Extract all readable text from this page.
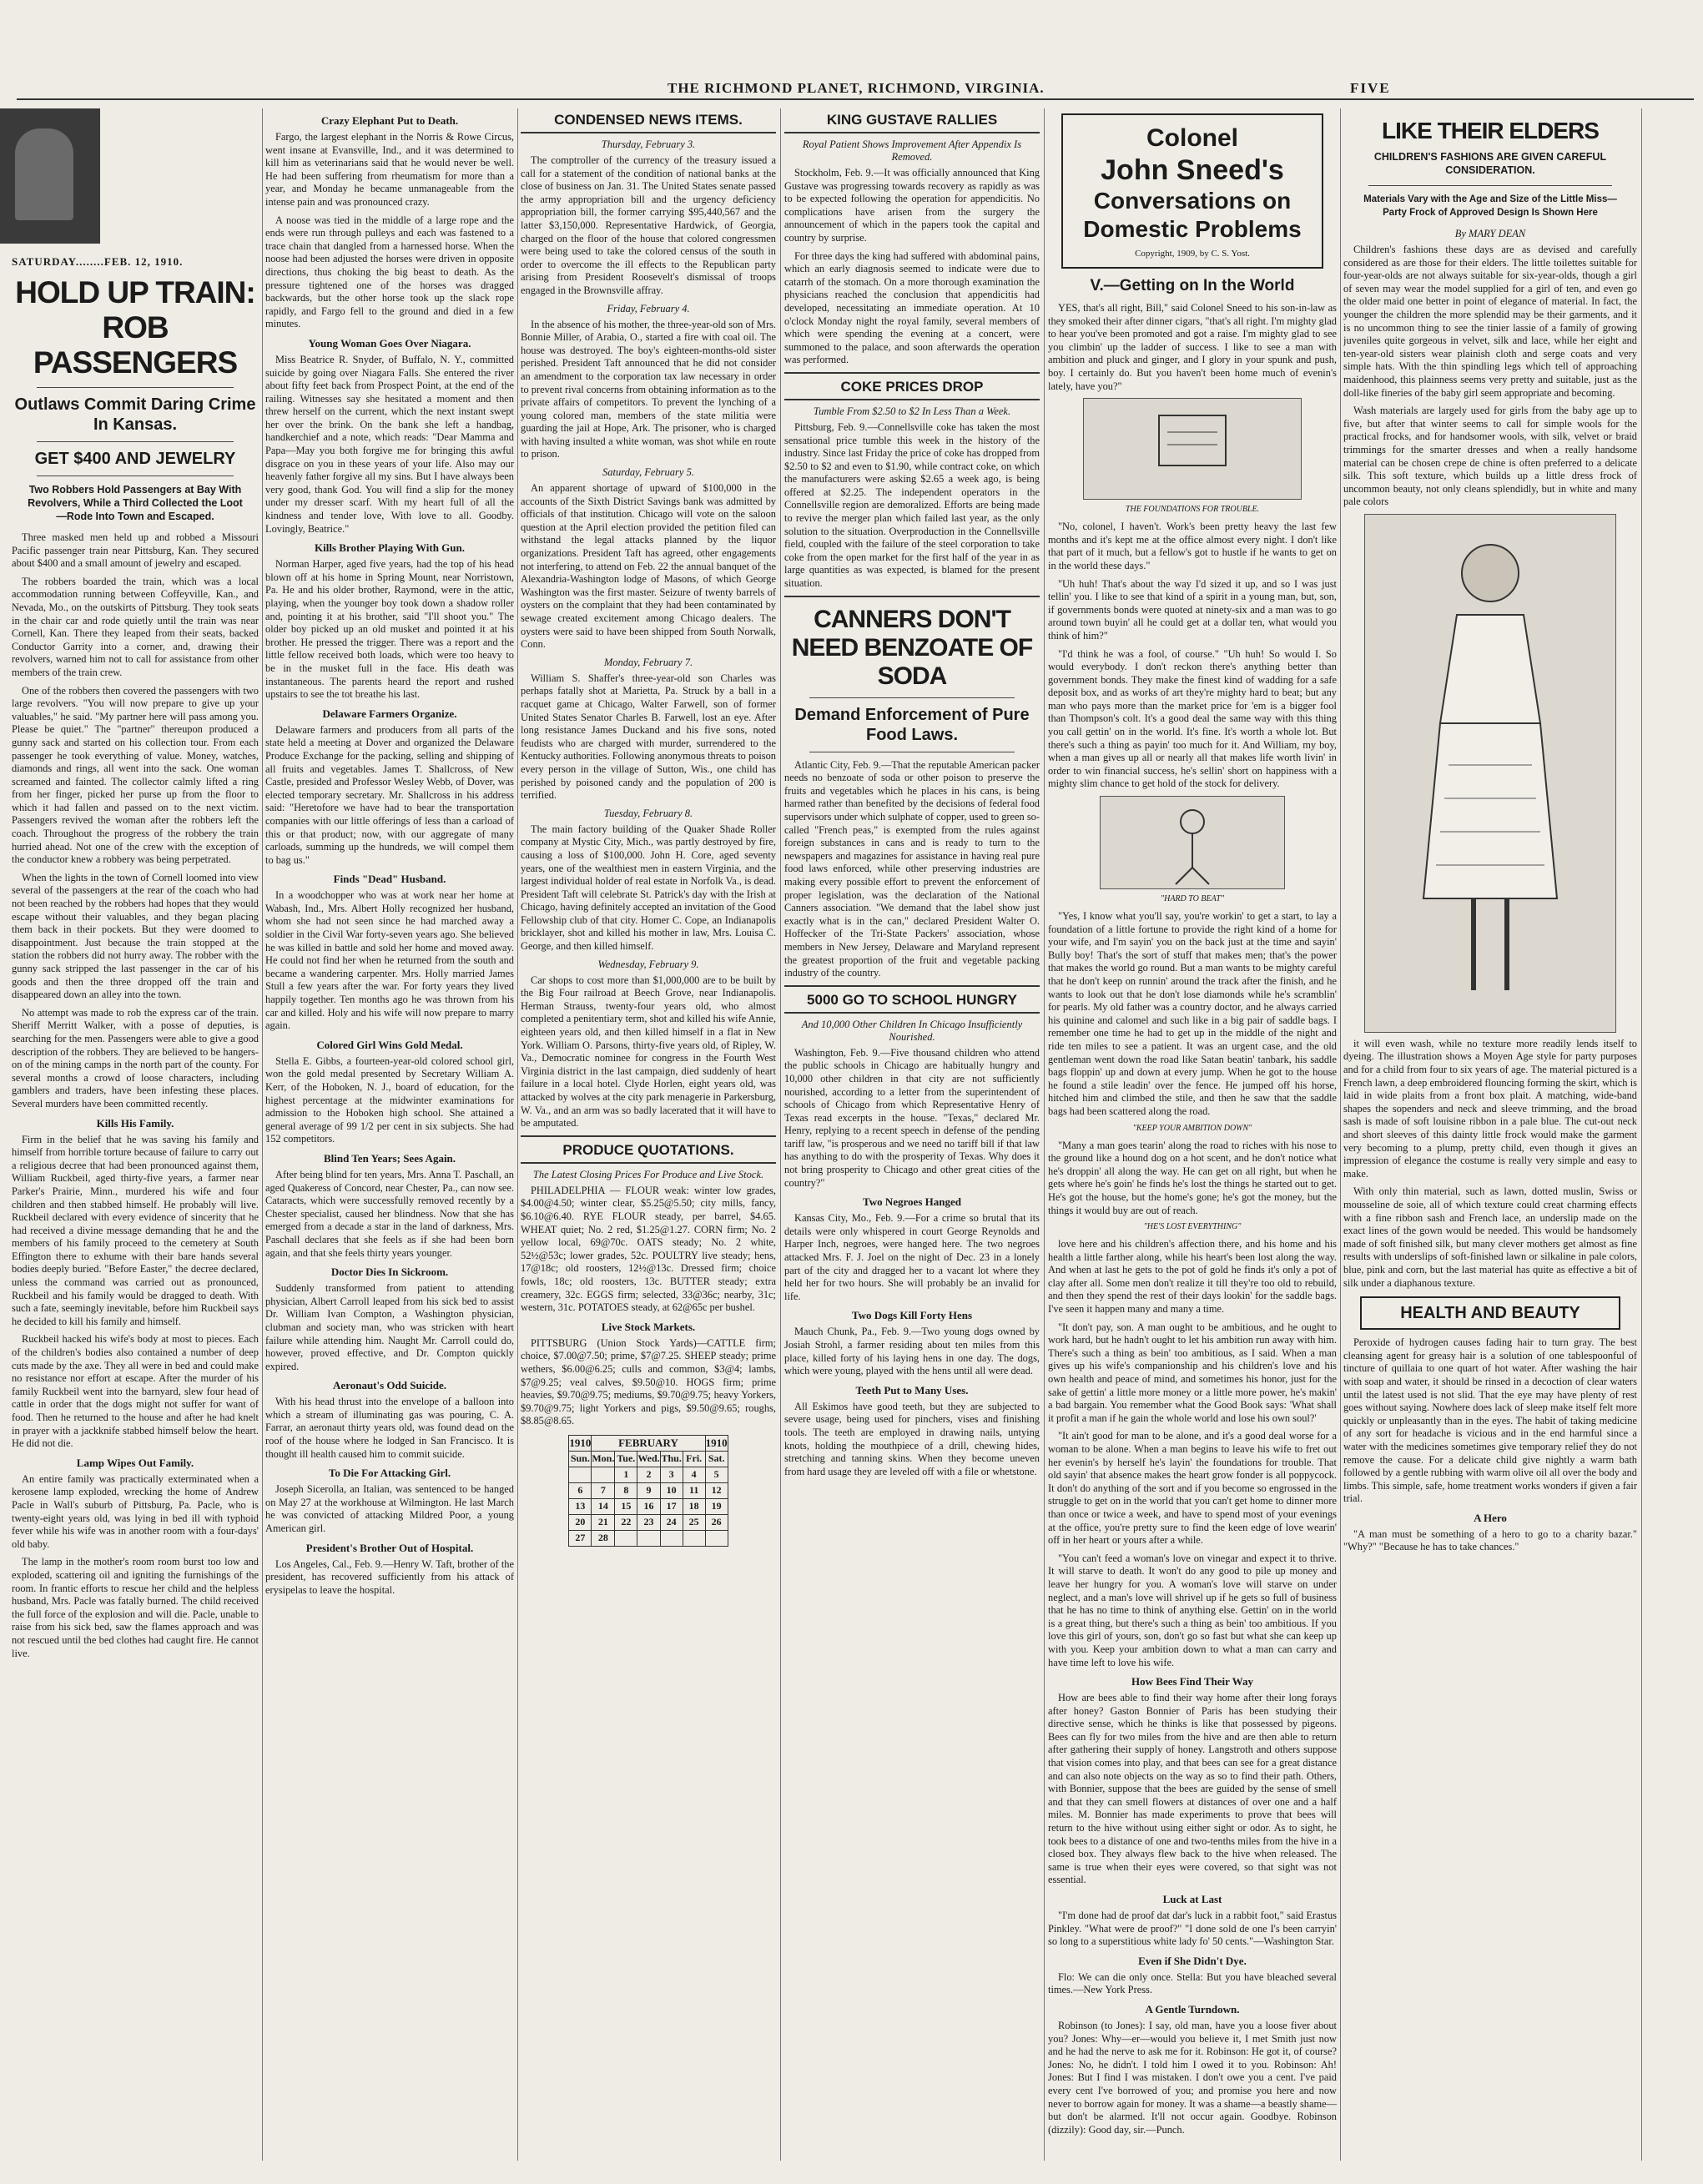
THE RICHMOND PLANET, RICHMOND, VIRGINIA.	FIVE
SATURDAY........FEB. 12, 1910.
HOLD UP TRAIN: ROB PASSENGERS
Outlaws Commit Daring Crime In Kansas.
GET $400 AND JEWELRY
Two Robbers Hold Passengers at Bay With Revolvers, While a Third Collected the Loot—Rode Into Town and Escaped.

Three masked men held up and robbed a Missouri Pacific passenger train near Pittsburg, Kan. They secured about $400 and a small amount of jewelry and escaped.

The robbers boarded the train, which was a local accommodation running between Coffeyville, Kan., and Nevada, Mo., on the outskirts of Pittsburg. They took seats in the chair car and rode quietly until the train was near Cornell, Kan. There they leaped from their seats, backed Conductor Garrity into a corner, and, drawing their revolvers, warned him not to call for assistance from other members of the train crew.

One of the robbers then covered the passengers with two large revolvers. "You will now prepare to give up your valuables," he said. "My partner here will pass among you. Please be quiet." The "partner" thereupon produced a gunny sack and started on his collection tour. From each passenger he took everything of value. Money, watches, diamonds and rings, all went into the sack. One woman screamed and fainted. The collector calmly lifted a ring from her finger, picked her purse up from the floor to which it had fallen and passed on to the next victim. Passengers revived the woman after the robbers left the coach. Throughout the progress of the robbery the train hurried ahead. Not one of the crew with the exception of the conductor knew a robbery was being perpetrated.

When the lights in the town of Cornell loomed into view several of the passengers at the rear of the coach who had not been reached by the robbers had hopes that they would escape without their valuables, and they began placing them back in their pockets. But they were doomed to disappointment. Just because the train stopped at the station the robbers did not hurry away. The robber with the gunny sack stripped the last passenger in the car of his goods and then the three dropped off the train and disappeared down an alley into the town.

No attempt was made to rob the express car of the train. Sheriff Merritt Walker, with a posse of deputies, is searching for the men. Passengers were able to give a good description of the robbers. They are believed to be hangers-on of the mining camps in the north part of the county. For several months a crowd of loose characters, including gamblers and traders, have been infesting these places. Several murders have been committed recently.

Kills His Family.

Firm in the belief that he was saving his family and himself from horrible torture because of failure to carry out a religious decree that had been pronounced against them, William Ruckbeil, aged thirty-five years, a farmer near Parker's Prairie, Minn., murdered his wife and four children and then stabbed himself. He probably will live. Ruckbeil declared with every evidence of sincerity that he had received a divine message demanding that he and the members of his family proceed to the cemetery at South Effington there to exhume with their bare hands several bodies deeply buried. "Before Easter," the decree declared, unless the command was carried out as pronounced, Ruckbeil and his family would be dragged to death. With such a fate, seemingly inevitable, before him Ruckbeil says he decided to kill his family and himself.

Ruckbeil hacked his wife's body at most to pieces. Each of the children's bodies also contained a number of deep cuts made by the axe. They all were in bed and could make no resistance nor effort at escape. After the murder of his family Ruckbeil went into the barnyard, slew four head of cattle in order that the dogs might not suffer for want of food. Then he returned to the house and after he had knelt in prayer with a jackknife stabbed himself below the heart. He did not die.

Lamp Wipes Out Family.

An entire family was practically exterminated when a kerosene lamp exploded, wrecking the home of Andrew Pacle in Wall's suburb of Pittsburg, Pa. Pacle, who is twenty-eight years old, was lying in bed ill with typhoid fever while his wife was in another room with a four-days' old baby.

The lamp in the mother's room room burst too low and exploded, scattering oil and igniting the furnishings of the room. In frantic efforts to rescue her child and the helpless husband, Mrs. Pacle was fatally burned. The child received the full force of the explosion and will die. Pacle, unable to raise from his sick bed, saw the flames approach and was not rescued until the bed clothes had caught fire. He cannot live.

Crazy Elephant Put to Death.

Fargo, the largest elephant in the Norris & Rowe Circus, went insane at Evansville, Ind., and it was determined to kill him as veterinarians said that he would never be well. He had been suffering from rheumatism for more than a year, and Monday he became unmanageable from the intense pain and was pronounced crazy.

A noose was tied in the middle of a large rope and the ends were run through pulleys and each was fastened to a trace chain that dangled from a harnessed horse. When the noose had been adjusted the horses were driven in opposite directions, thus choking the big beast to death. As the pressure tightened one of the horses was dragged backwards, but the other horse took up the slack rope rapidly, and Fargo fell to the ground and died in a few minutes.

Young Woman Goes Over Niagara.

Miss Beatrice R. Snyder, of Buffalo, N. Y., committed suicide by going over Niagara Falls. She entered the river about fifty feet back from Prospect Point, at the end of the railing. Witnesses say she hesitated a moment and then threw herself on the current, which the next instant swept her over the brink. On the bank she left a handbag, handkerchief and a note, which reads: "Dear Mamma and Papa—May you both forgive me for bringing this awful disgrace on you in these years of your life. Also may our heavenly father forgive all my sins. But I have always been very good, thank God. You will find a slip for the money under my dresser scarf. With my heart full of all the kindness and tender love, With love to all. Goodby. Lovingly, Beatrice."

Kills Brother Playing With Gun.

Norman Harper, aged five years, had the top of his head blown off at his home in Spring Mount, near Norristown, Pa. He and his older brother, Raymond, were in the attic, playing, when the younger boy took down a shadow roller and, pointing it at his brother, said "I'll shoot you." The older boy picked up an old musket and pointed it at his brother. He pressed the trigger. There was a report and the little fellow received both loads, which were too heavy to be in the musket full in the face. His death was instantaneous. The parents heard the report and rushed upstairs to see the tot breathe his last.

Delaware Farmers Organize.

Delaware farmers and producers from all parts of the state held a meeting at Dover and organized the Delaware Produce Exchange for the packing, selling and shipping of all fruits and vegetables. James T. Shallcross, of New Castle, presided and Professor Wesley Webb, of Dover, was elected temporary secretary. Mr. Shallcross in his address said: "Heretofore we have had to bear the transportation companies with our little offerings of less than a carload of this or that product; now, with our aggregate of many carloads, summing up the hundreds, we will compel them to bag us."

Finds "Dead" Husband.

In a woodchopper who was at work near her home at Wabash, Ind., Mrs. Albert Holly recognized her husband, whom she had not seen since he had marched away a soldier in the Civil War forty-seven years ago. She believed he was killed in battle and sold her home and moved away. He could not find her when he returned from the south and became a wandering carpenter. Mrs. Holly married James Stull a few years after the war. For forty years they lived happily together. Ten months ago he was thrown from his car and killed. Holy and his wife will now prepare to marry again.

Colored Girl Wins Gold Medal.

Stella E. Gibbs, a fourteen-year-old colored school girl, won the gold medal presented by Secretary William A. Kerr, of the Hoboken, N. J., board of education, for the highest percentage at the midwinter examinations for admission to the Hoboken high school. She attained a general average of 99 1/2 per cent in six subjects. She had 152 competitors.

Blind Ten Years; Sees Again.

After being blind for ten years, Mrs. Anna T. Paschall, an aged Quakeress of Concord, near Chester, Pa., can now see. Cataracts, which were successfully removed recently by a Chester specialist, caused her blindness. Now that she has emerged from a decade a star in the land of darkness, Mrs. Paschall declares that she feels as if she had been born again, and that she feels thirty years younger.

Doctor Dies In Sickroom.

Suddenly transformed from patient to attending physician, Albert Carroll leaped from his sick bed to assist Dr. William Ivan Compton, a Washington physician, clubman and society man, who was stricken with heart failure while attending him. Naught Mr. Carroll could do, however, proved effective, and Dr. Compton quickly expired.

Aeronaut's Odd Suicide.

With his head thrust into the envelope of a balloon into which a stream of illuminating gas was pouring, C. A. Farrar, an aeronaut thirty years old, was found dead on the roof of the house where he lodged in San Francisco. It is thought ill health caused him to commit suicide.

To Die For Attacking Girl.

Joseph Sicerolla, an Italian, was sentenced to be hanged on May 27 at the workhouse at Wilmington. He last March he was convicted of attacking Mildred Poor, a young American girl.

President's Brother Out of Hospital.

Los Angeles, Cal., Feb. 9.—Henry W. Taft, brother of the president, has recovered sufficiently from his attack of erysipelas to leave the hospital.

CONDENSED NEWS ITEMS.
Thursday, February 3.

The comptroller of the currency of the treasury issued a call for a statement of the condition of national banks at the close of business on Jan. 31. The United States senate passed the army appropriation bill and the urgency deficiency appropriation bill, the former carrying $95,440,567 and the latter $3,150,000. Representative Hardwick, of Georgia, charged on the floor of the house that colored congressmen were being used to take the colored census of the south in order to overcome the ill effects to the Republican party arising from President Roosevelt's dismissal of troops engaged in the Brownsville affray.

Friday, February 4.

In the absence of his mother, the three-year-old son of Mrs. Bonnie Miller, of Arabia, O., started a fire with coal oil. The house was destroyed. The boy's eighteen-months-old sister perished. President Taft announced that he did not consider an amendment to the corporation tax law necessary in order to prevent rival concerns from obtaining information as to the private affairs of competitors. To prevent the lynching of a young colored man, members of the state militia were guarding the jail at Hope, Ark. The prisoner, who is charged with having insulted a white woman, was shot while en route to prison.

Saturday, February 5.

An apparent shortage of upward of $100,000 in the accounts of the Sixth District Savings bank was admitted by officials of that institution. Chicago will vote on the saloon question at the April election provided the petition filed can withstand the legal attacks planned by the liquor organizations. President Taft has agreed, other engagements not interfering, to attend on Feb. 22 the annual banquet of the Alexandria-Washington lodge of Masons, of which George Washington was the first master. Seizure of twenty barrels of oysters on the complaint that they had been contaminated by sewage created excitement among Chicago dealers. The oysters were said to have been shipped from South Norwalk, Conn.

Monday, February 7.

William S. Shaffer's three-year-old son Charles was perhaps fatally shot at Marietta, Pa. Struck by a ball in a racquet game at Chicago, Walter Farwell, son of former United States Senator Charles B. Farwell, lost an eye. After long resistance James Duckand and his five sons, noted feudists who are charged with murder, surrendered to the Kentucky authorities. Following anonymous threats to poison every person in the village of Sutton, Wis., one child has perished by poisoned candy and the population of 200 is terrified.

Tuesday, February 8.

The main factory building of the Quaker Shade Roller company at Mystic City, Mich., was partly destroyed by fire, causing a loss of $100,000. John H. Core, aged seventy years, one of the wealthiest men in eastern Virginia, and the largest individual holder of real estate in Norfolk Va., is dead. President Taft will celebrate St. Patrick's day with the Irish at Chicago, having definitely accepted an invitation of the Good Fellowship club of that city. Homer C. Cope, an Indianapolis bricklayer, shot and killed his mother in law, Mrs. Louisa C. George, and then killed himself.

Wednesday, February 9.

Car shops to cost more than $1,000,000 are to be built by the Big Four railroad at Beech Grove, near Indianapolis. Herman Strauss, twenty-four years old, who almost completed a penitentiary term, shot and killed his wife Annie, eighteen years old, and then killed himself in a flat in New York. William O. Parsons, thirty-five years old, of Ripley, W. Va., Democratic nominee for congress in the Fourth West Virginia district in the last campaign, died suddenly of heart failure in a local hotel. Clyde Horlen, eight years old, was attacked by wolves at the city park menagerie in Parkersburg, W. Va., and an arm was so badly lacerated that it will have to be amputated.

PRODUCE QUOTATIONS.
The Latest Closing Prices For Produce and Live Stock.

PHILADELPHIA — FLOUR weak: winter low grades, $4.00@4.50; winter clear, $5.25@5.50; city mills, fancy, $6.10@6.40. RYE FLOUR steady, per barrel, $4.65. WHEAT quiet; No. 2 red, $1.25@1.27. CORN firm; No. 2 yellow local, 69@70c. OATS steady; No. 2 white, 52½@53c; lower grades, 52c. POULTRY live steady; hens, 17@18c; old roosters, 12½@13c. Dressed firm; choice fowls, 18c; old roosters, 13c. BUTTER steady; extra creamery, 32c. EGGS firm; selected, 33@36c; nearby, 31c; western, 31c. POTATOES steady, at 62@65c per bushel.

Live Stock Markets.

PITTSBURG (Union Stock Yards)—CATTLE firm; choice, $7.00@7.50; prime, $7@7.25. SHEEP steady; prime wethers, $6.00@6.25; culls and common, $3@4; lambs, $7@9.25; veal calves, $9.50@10. HOGS firm; prime heavies, $9.70@9.75; mediums, $9.70@9.75; heavy Yorkers, $9.70@9.75; light Yorkers and pigs, $9.50@9.65; roughs, $8.85@8.65.

1910	FEBRUARY					1910
Sun.	Mon.	Tue.	Wed.	Thu.	Fri.	Sat.
		1	2	3	4	5
6	7	8	9	10	11	12
13	14	15	16	17	18	19
20	21	22	23	24	25	26
27	28					
KING GUSTAVE RALLIES
Royal Patient Shows Improvement After Appendix Is Removed.

Stockholm, Feb. 9.—It was officially announced that King Gustave was progressing towards recovery as rapidly as was to be expected following the operation for appendicitis. No complications have arisen from the surgery the announcement of which in the papers took the capital and country by surprise.

For three days the king had suffered with abdominal pains, which an early diagnosis seemed to indicate were due to catarrh of the stomach. On a more thorough examination the physicians reached the conclusion that appendicitis had developed, necessitating an immediate operation. At 10 o'clock Monday night the royal family, several members of which were spending the evening at a concert, were summoned to the palace, and soon afterwards the operation was performed.

COKE PRICES DROP
Tumble From $2.50 to $2 In Less Than a Week.

Pittsburg, Feb. 9.—Connellsville coke has taken the most sensational price tumble this week in the history of the industry. Since last Friday the price of coke has dropped from $2.50 to $2 and even to $1.90, while contract coke, on which the manufacturers were asking $2.65 a week ago, is being offered at $2.25. The independent operators in the Connellsville region are demoralized. Efforts are being made to revive the merger plan which failed last year, as the only solution to the situation. Overproduction in the Connellsville field, coupled with the failure of the steel corporation to take coke from the open market for the first half of the year in as large quantities as was expected, is blamed for the present situation.

CANNERS DON'T NEED BENZOATE OF SODA
Demand Enforcement of Pure Food Laws.

Atlantic City, Feb. 9.—That the reputable American packer needs no benzoate of soda or other poison to preserve the fruits and vegetables which he places in his cans, is being harmed rather than benefited by the decisions of federal food supervisors under which sulphate of copper, used to green so-called "French peas," is exempted from the rules against foreign substances in cans and is ready to turn to the newspapers and magazines for assistance in having real pure food laws enforced, while other preserving industries are making every possible effort to prevent the enforcement of proper legislation, was the declaration of the National Canners association. "We demand that the label show just exactly what is in the can," declared President Walter O. Hoffecker of the Tri-State Packers' association, whose members in New Jersey, Delaware and Maryland represent the greatest proportion of the fruit and vegetable packing industry of the country.

5000 GO TO SCHOOL HUNGRY
And 10,000 Other Children In Chicago Insufficiently Nourished.

Washington, Feb. 9.—Five thousand children who attend the public schools in Chicago are habitually hungry and 10,000 other children in that city are not sufficiently nourished, according to a letter from the superintendent of schools of Chicago from which Representative Henry of Texas read excerpts in the house. "Texas," declared Mr. Henry, replying to a recent speech in defense of the pending tariff law, "is prosperous and we need no tariff bill if that law has anything to do with the prosperity of Texas. Why does it not bring prosperity to Chicago and other great cities of the country?"

Two Negroes Hanged

Kansas City, Mo., Feb. 9.—For a crime so brutal that its details were only whispered in court George Reynolds and Harper Inch, negroes, were hanged here. The two negroes attacked Mrs. F. J. Joel on the night of Dec. 23 in a lonely part of the city and dragged her to a vacant lot where they held her for two hours. She will probably be an invalid for life.

Two Dogs Kill Forty Hens

Mauch Chunk, Pa., Feb. 9.—Two young dogs owned by Josiah Strohl, a farmer residing about ten miles from this place, killed forty of his laying hens in one day. The dogs, which were young, played with the hens until all were dead.

Teeth Put to Many Uses.

All Eskimos have good teeth, but they are subjected to severe usage, being used for pinchers, vises and finishing tools. The teeth are employed in drawing nails, untying knots, holding the mouthpiece of a drill, chewing hides, stretching and tanning skins. When they become uneven from hard usage they are leveled off with a file or whetstone.

Colonel
John Sneed's
Conversations on Domestic Problems
Copyright, 1909, by C. S. Yost.
V.—Getting on In the World

YES, that's all right, Bill," said Colonel Sneed to his son-in-law as they smoked their after dinner cigars, "that's all right. I'm mighty glad to hear you've been promoted and got a raise. I'm mighty glad to see you climbin' up the ladder of success. I like to see a man with ambition and pluck and ginger, and I glory in your spunk and push, boy. I certainly do. But you haven't been home much of evenin's lately, have you?"

THE FOUNDATIONS FOR TROUBLE.

"No, colonel, I haven't. Work's been pretty heavy the last few months and it's kept me at the office almost every night. I don't like that part of it much, but a fellow's got to hustle if he wants to get on in the world these days."

"Uh huh! That's about the way I'd sized it up, and so I was just tellin' you. I like to see that kind of a spirit in a young man, but, son, if governments bonds were quoted at ninety-six and a man was to go around town buyin' all he could get at a dollar ten, what would you think of him?"

"I'd think he was a fool, of course." "Uh huh! So would I. So would everybody. I don't reckon there's anything better than government bonds. They make the finest kind of wadding for a safe deposit box, and as works of art they're mighty hard to beat; but any man who pays more than the market price for 'em is a bigger fool than Thompson's colt. It's a good deal the same way with this thing you call gettin' on in the world. It's fine. It's worth a whole lot. But there's such a thing as payin' too much for it. And William, my boy, when a man gives up all or nearly all that makes life worth livin' in order to win financial success, he's sellin' short on happiness with a mighty slim chance to get hold of the stock for delivery.

"HARD TO BEAT"

"Yes, I know what you'll say, you're workin' to get a start, to lay a foundation of a little fortune to provide the right kind of a home for your wife, and I'm sayin' you on the back just at the time and sayin' Bully boy! That's the sort of stuff that makes men; that's the power that makes the world go round. But a man wants to be mighty careful that he don't keep on runnin' around the track after the finish, and he wants to look out that he don't lose diamonds while he's scramblin' for pearls. My old father was a country doctor, and he always carried his quinine and calomel and such like in a big pair of saddle bags. I remember one time he had to get up in the middle of the night and ride ten miles to see a patient. It was an urgent case, and the old gentleman went down the road like Satan beatin' tanbark, his saddle bags floppin' up and down at every jump. When he got to the house he found a stile leadin' over the fence. He jumped off his horse, hitched him and climbed the stile, and then he saw that the saddle bags had been scattered along the road.

"KEEP YOUR AMBITION DOWN"

"Many a man goes tearin' along the road to riches with his nose to the ground like a hound dog on a hot scent, and he don't notice what he's droppin' all along the way. He can get on all right, but when he gets where he's goin' he finds he's lost the things he started out to get. He's got the house, but the home's gone; he's got the money, but the things it would buy are out of reach.

"HE'S LOST EVERYTHING"

love here and his children's affection there, and his home and his health a little farther along, while his heart's been lost along the way. And when at last he gets to the pot of gold he finds it's only a pot of clay after all. Some men don't realize it till they're too old to rebuild, and then they spend the rest of their days lookin' for the saddle bags. I've seen it happen many and many a time.

"It don't pay, son. A man ought to be ambitious, and he ought to work hard, but he hadn't ought to let his ambition run away with him. There's such a thing as bein' too ambitious, as I said. When a man gives up his wife's companionship and his children's love and his own health and peace of mind, and sometimes his honor, just for the sake of gettin' a little more money or a little more power, he's makin' a bad bargain. You remember what the Good Book says: 'What shall it profit a man if he gain the whole world and lose his own soul?'

"It ain't good for man to be alone, and it's a good deal worse for a woman to be alone. When a man begins to leave his wife to fret out her evenin's by herself he's layin' the foundations for trouble. That old sayin' that absence makes the heart grow fonder is all poppycock. It don't do anything of the sort and if you become so engrossed in the struggle to get on in the world that you can't get home to dinner more than once or twice a week, and have to spend most of your evenings at the office, you're pretty sure to find the keen edge of love wearin' off in her heart or yours after a while.

"You can't feed a woman's love on vinegar and expect it to thrive. It will starve to death. It won't do any good to pile up money and leave her hungry for you. A woman's love will starve on under neglect, and a man's love will shrivel up if he gets so full of business that he has no time to think of anything else. Gettin' on in the world is a great thing, but there's such a thing as bein' too ambitious. If you love this girl of yours, son, don't go so fast but what she can keep up with you. Keep your ambition down to what a man can carry and have time left to love his wife.

How Bees Find Their Way

How are bees able to find their way home after their long forays after honey? Gaston Bonnier of Paris has been studying their directive sense, which he thinks is like that possessed by pigeons. Bees can fly for two miles from the hive and are then able to return after gathering their supply of honey. Langstroth and others suppose that vision comes into play, and that bees can see for a great distance and can also note objects on the way as so to find their path. Others, with Bonnier, suppose that the bees are guided by the sense of smell and that they can smell flowers at distances of over one and a half miles. M. Bonnier has made experiments to prove that bees will return to the hive without using either sight or odor. As to sight, he took bees to a distance of one and two-tenths miles from the hive in a closed box. They always flew back to the hive when released. The same is true when their eyes were covered, so that sight was not essential.

Luck at Last

"I'm done had de proof dat dar's luck in a rabbit foot," said Erastus Pinkley. "What were de proof?" "I done sold de one I's been carryin' so long to a superstitious white lady fo' 50 cents."—Washington Star.

Even if She Didn't Dye.

Flo: We can die only once. Stella: But you have bleached several times.—New York Press.

A Gentle Turndown.

Robinson (to Jones): I say, old man, have you a loose fiver about you? Jones: Why—er—would you believe it, I met Smith just now and he had the nerve to ask me for it. Robinson: He got it, of course? Jones: No, he didn't. I told him I owed it to you. Robinson: Ah! Jones: But I find I was mistaken. I don't owe you a cent. I've paid every cent I've borrowed of you; and promise you here and now never to borrow again for money. It was a shame—a beastly shame—but don't be alarmed. It'll not occur again. Goodbye. Robinson (dizzily): Good day, sir.—Punch.

LIKE THEIR ELDERS
CHILDREN'S FASHIONS ARE GIVEN CAREFUL CONSIDERATION.
Materials Vary with the Age and Size of the Little Miss—Party Frock of Approved Design Is Shown Here
By MARY DEAN

Children's fashions these days are as devised and carefully considered as are those for their elders. The little toilettes suitable for four-year-olds are not always suitable for six-year-olds, though a girl of seven may wear the model supplied for a girl of ten, and even go the older maid one better in point of elegance of material. In fact, the younger the children the more splendid may be their garments, and it is no uncommon thing to see the tinier lassie of a family of growing juveniles quite gorgeous in velvet, silk and lace, while her eight and ten-year-old sisters wear plainish cloth and serge coats and very simple hats. With the thin spindling legs which tell of approaching maidenhood, this plainness seems very pretty and suitable, just as the doll-like fineries of the baby girl seem appropriate and becoming.

Wash materials are largely used for girls from the baby age up to five, but after that winter seems to call for simple wools for the practical frocks, and for handsomer wools, with silk, velvet or braid trimmings for the smarter dresses and when a really handsome material can be chosen crepe de chine is often preferred to a delicate silk. This soft texture, which builds up a little dress frock of uncommon beauty, not only cleans splendidly, but in white and many pale colors

it will even wash, while no texture more readily lends itself to dyeing. The illustration shows a Moyen Age style for party purposes and for a child from four to six years of age. The material pictured is a French lawn, a deep embroidered flouncing forming the skirt, which is laid in wide plaits from a front box plait. A matching, wide-band shapes the sopenders and neck and sleeve trimming, and the broad sash is made of soft louisine ribbon in a pale blue. The cut-out neck and short sleeves of this dainty little frock would make the garment very becoming to a plump, pretty child, even though it gives an impression of elegance the costume is really very simple and easy to make.

With only thin material, such as lawn, dotted muslin, Swiss or mousseline de soie, all of which texture could creat charming effects with a fine ribbon sash and French lace, an underslip made on the exact lines of the gown would be needed. This would be handsomely made of soft finished silk, but many clever mothers get almost as fine results with underslips of soft-finished lawn or silkaline in pale colors, blue, pink and corn, but the last material has quite as effective a bit of silk under a diaphanous texture.

HEALTH AND BEAUTY

Peroxide of hydrogen causes fading hair to turn gray. The best cleansing agent for greasy hair is a solution of one tablespoonful of tincture of quillaia to one quart of hot water. After washing the hair with soap and water, it should be rinsed in a decoction of clear waters until the latest used is not slid. That the eye may have plenty of rest goes without saying. Nowhere does lack of sleep make itself felt more quickly or unpleasantly than in the eyes. The habit of taking medicine of any sort for headache is vicious and in the end harmful since a water with the medicines sometimes give temporary relief they do not remove the cause. For a delicate child give nightly a warm bath followed by a gentle rubbing with warm olive oil all over the body and limbs. This simple, safe, home treatment works wonders if given a fair trial.

A Hero

"A man must be something of a hero to go to a charity bazar." "Why?" "Because he has to take chances."
